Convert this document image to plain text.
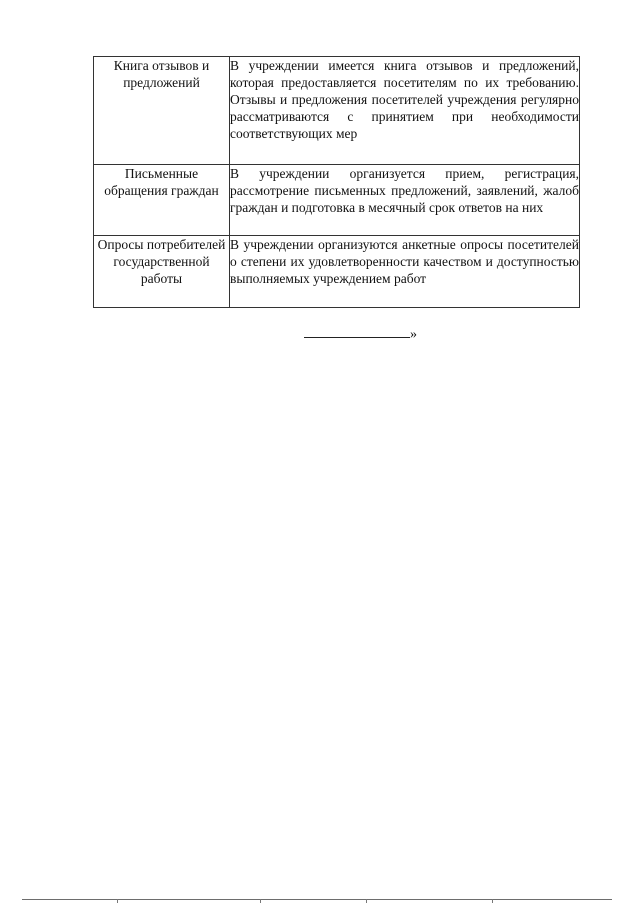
Книга отзывов и предложений	В учреждении имеется книга отзывов и предложений, которая предоставляется посетителям по их требованию. Отзывы и предложения посетителей учреждения регулярно рассматриваются с принятием при необходимости соответствующих мер
Письменные обращения граждан	В учреждении организуется прием, регистрация, рассмотрение письменных предложений, заявлений, жалоб граждан и подготовка в месячный срок ответов на них
Опросы потребителей государственной работы	В учреждении организуются анкетные опросы посетителей о степени их удовлетворенности качеством и доступностью выполняемых учреждением работ
»
